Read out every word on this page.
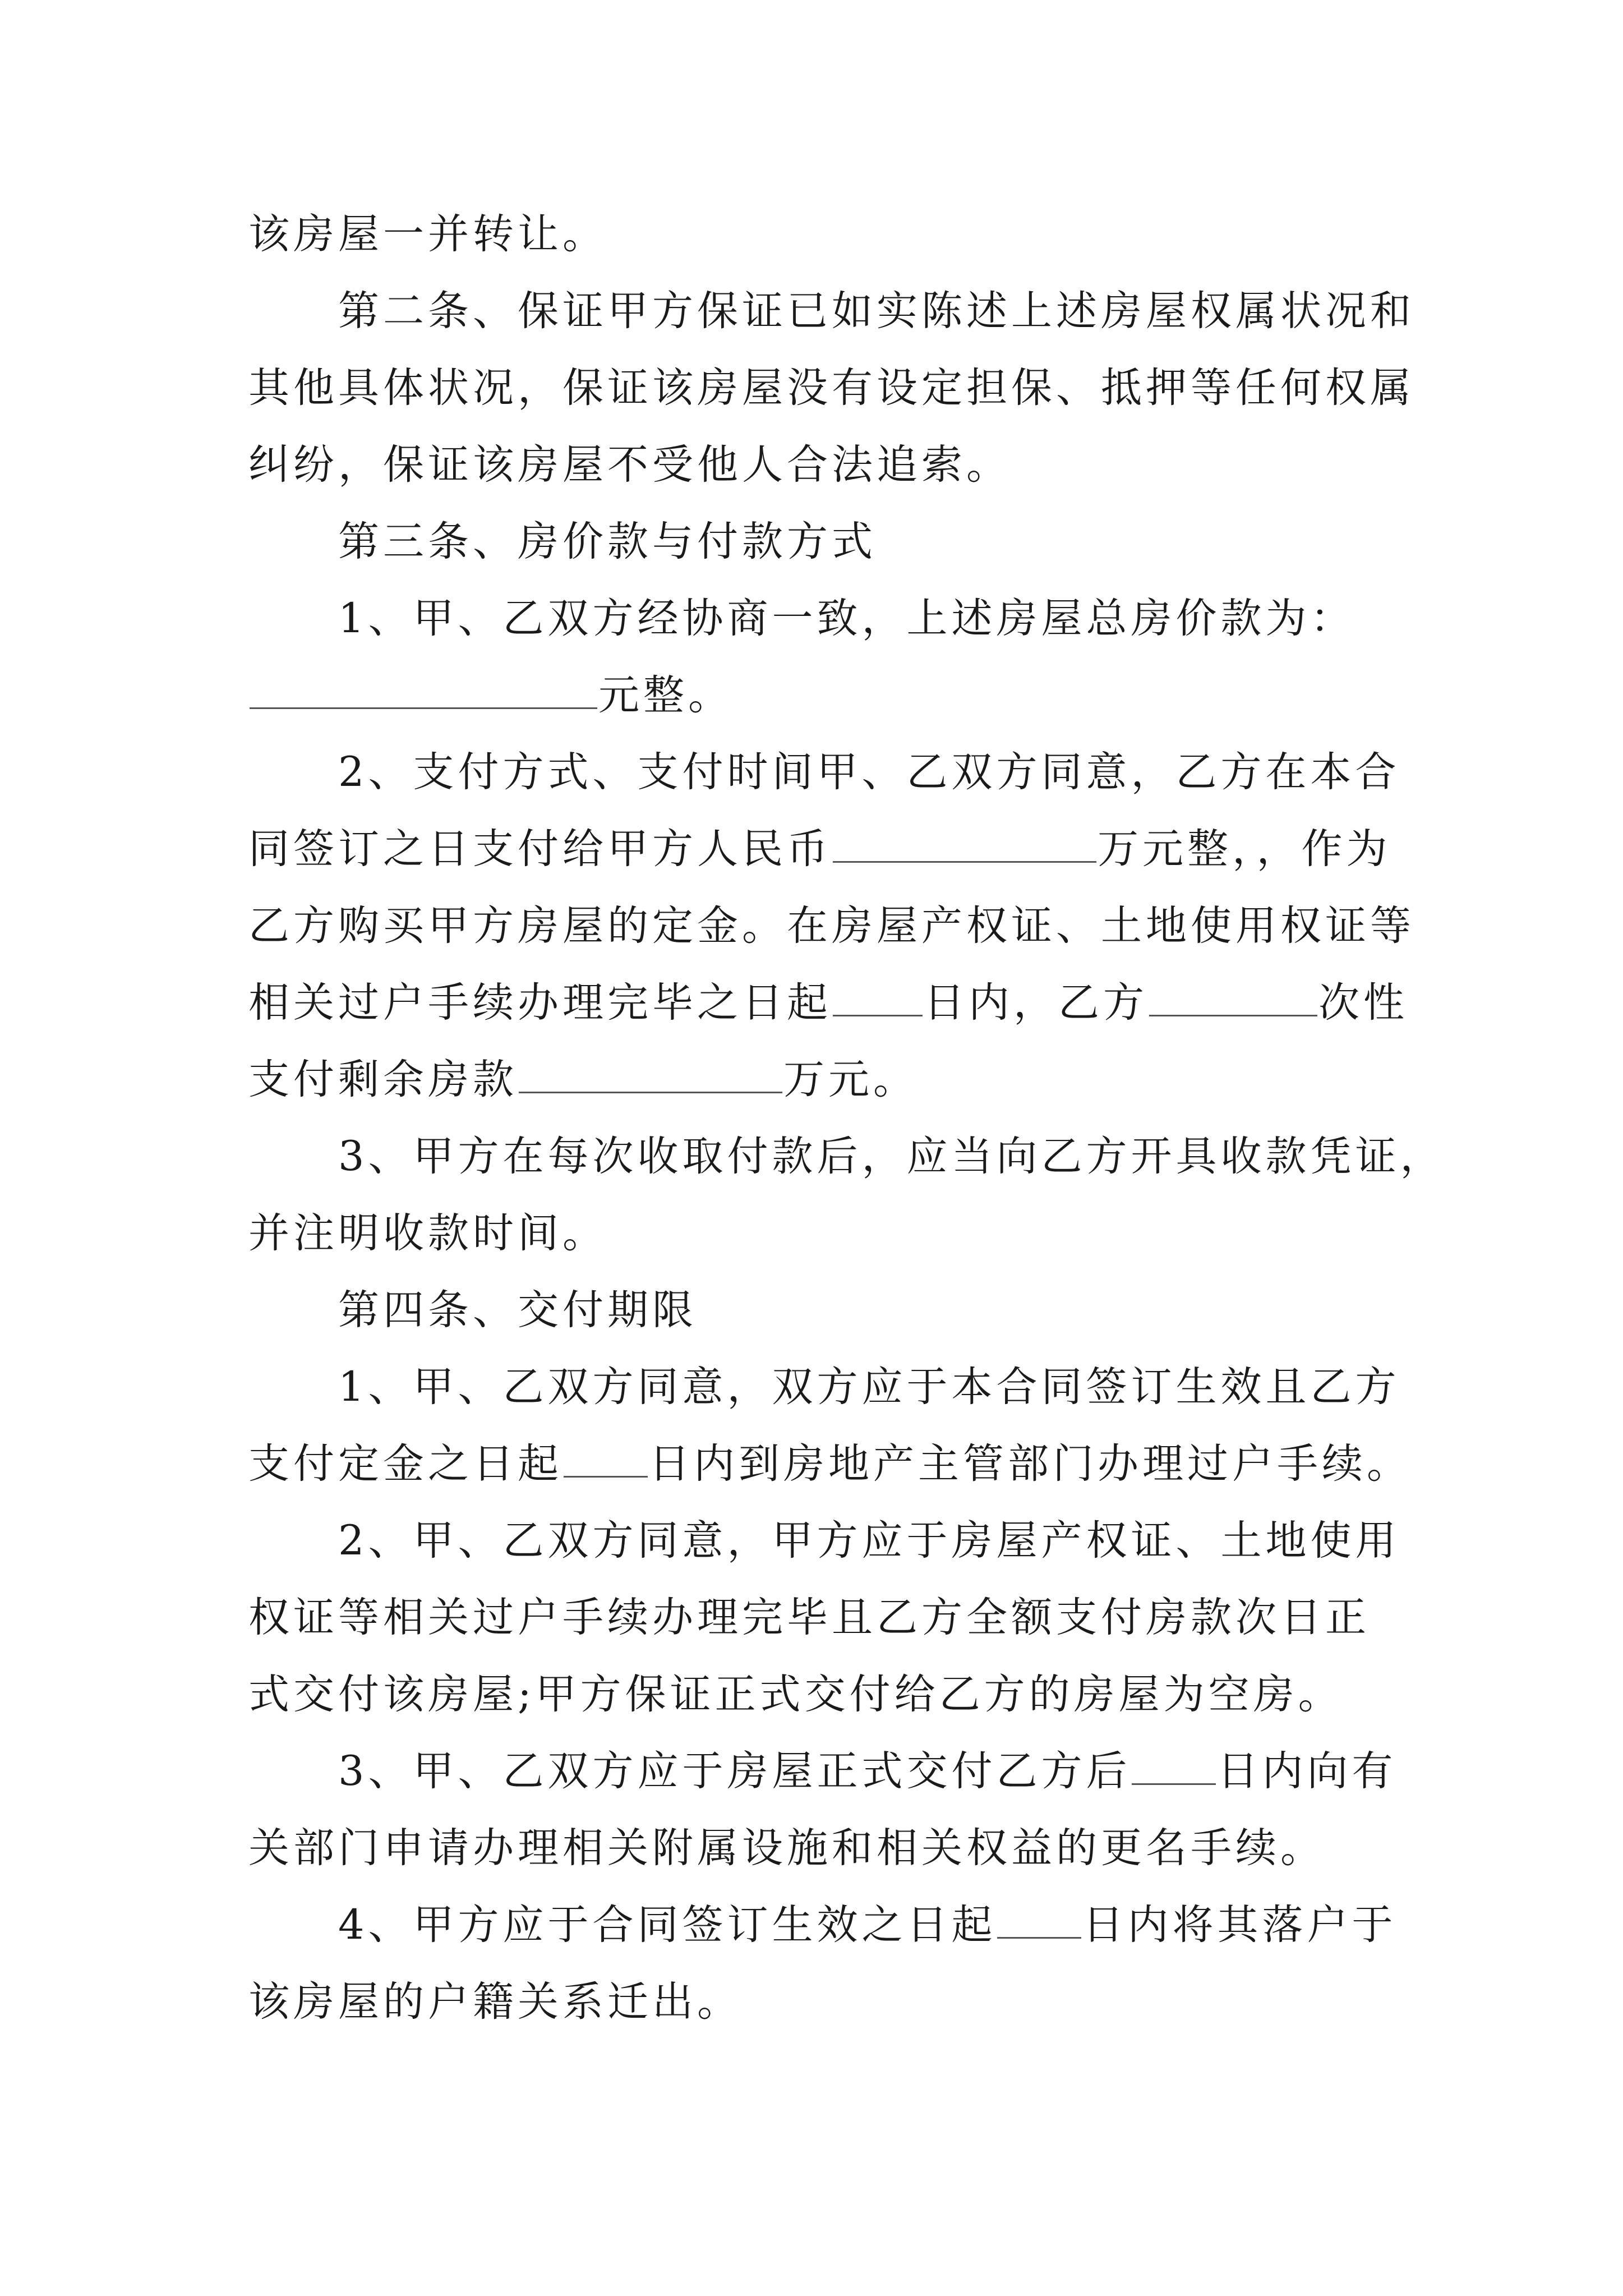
该房屋一并转让。
第二条、保证甲方保证已如实陈述上述房屋权属状况和
其他具体状况，保证该房屋没有设定担保、抵押等任何权属
纠纷，保证该房屋不受他人合法追索。
第三条、房价款与付款方式
1、甲、乙双方经协商一致，上述房屋总房价款为：
元整。
2、支付方式、支付时间甲、乙双方同意，乙方在本合
同签订之日支付给甲方人民币	万元整，，作为
乙方购买甲方房屋的定金。在房屋产权证、土地使用权证等
相关过户手续办理完毕之日起 日内，乙方	次性
支付剩余房款	万元。
3、甲方在每次收取付款后，应当向乙方开具收款凭证，
并注明收款时间。
第四条、交付期限
1、甲、乙双方同意，双方应于本合同签订生效且乙方
支付定金之日起 日内到房地产主管部门办理过户手续。
2、甲、乙双方同意，甲方应于房屋产权证、土地使用
权证等相关过户手续办理完毕且乙方全额支付房款次日正
式交付该房屋;甲方保证正式交付给乙方的房屋为空房。
3、甲、乙双方应于房屋正式交付乙方后 日内向有
关部门申请办理相关附属设施和相关权益的更名手续。
4、甲方应于合同签订生效之日起 日内将其落户于
该房屋的户籍关系迁出。
